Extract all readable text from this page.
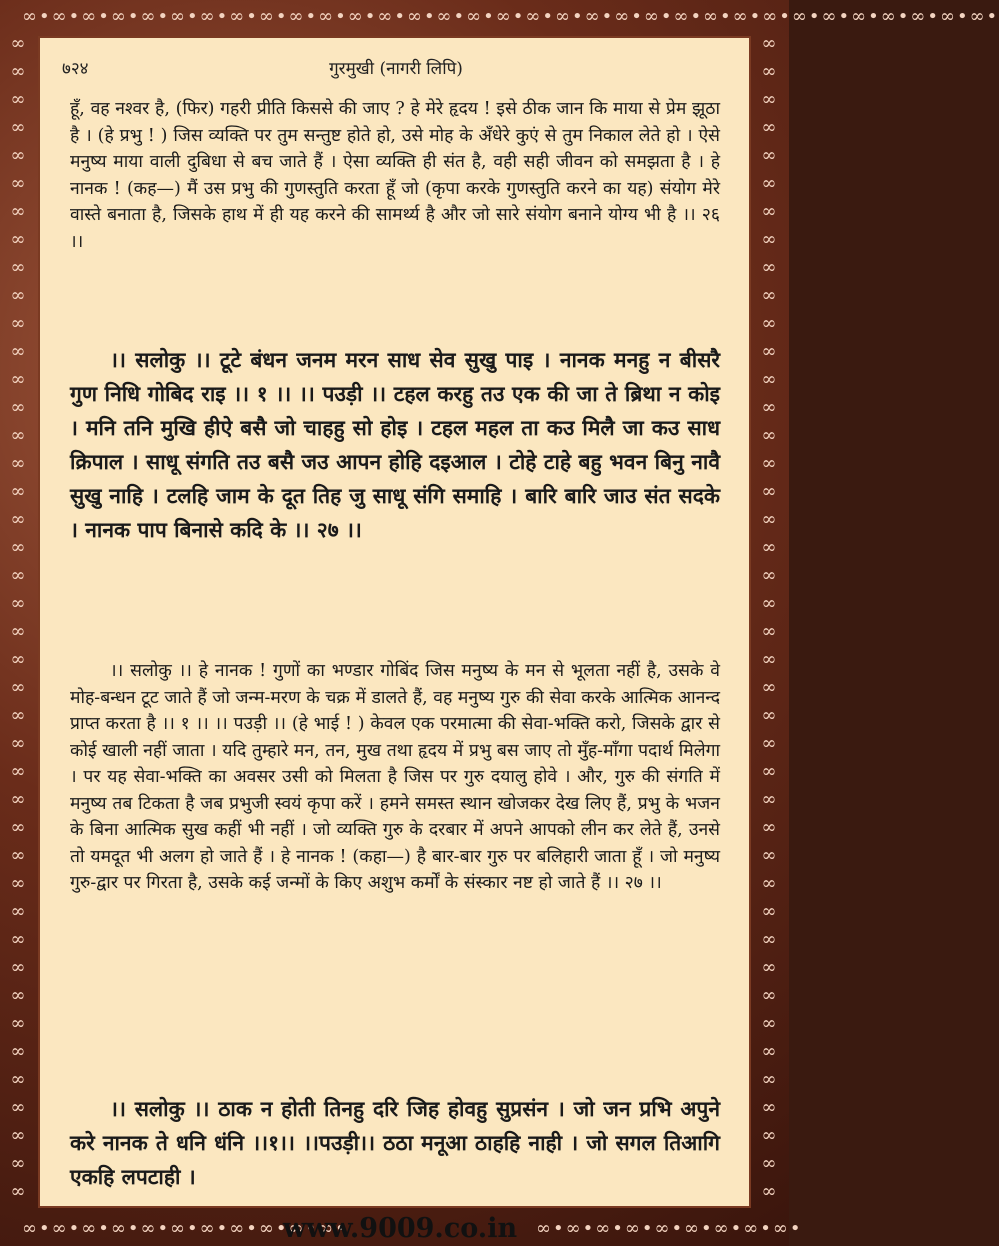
∞•∞•∞•∞•∞•∞•∞•∞•∞•∞•∞•∞•∞•∞•∞•∞•∞•∞•∞•∞•∞•∞•∞•∞•∞•∞•∞•∞•∞•∞•∞•∞•∞•
∞∞∞∞∞∞∞∞∞∞∞∞∞∞∞∞∞∞∞∞∞∞∞∞∞∞∞∞∞∞∞∞∞∞∞∞∞∞∞∞∞∞
∞∞∞∞∞∞∞∞∞∞∞∞∞∞∞∞∞∞∞∞∞∞∞∞∞∞∞∞∞∞∞∞∞∞∞∞∞∞∞∞∞∞
∞•∞•∞•∞•∞•∞•∞•∞•∞•∞•∞•	∞•∞•∞•∞•∞•∞•∞•∞•∞•
७२४	गुरमुखी (नागरी लिपि)

हूँ, वह नश्वर है, (फिर) गहरी प्रीति किससे की जाए ? हे मेरे हृदय ! इसे ठीक जान कि माया से प्रेम झूठा है । (हे प्रभु ! ) जिस व्यक्ति पर तुम सन्तुष्ट होते हो, उसे मोह के अँधेरे कुएं से तुम निकाल लेते हो । ऐसे मनुष्य माया वाली दुबिधा से बच जाते हैं । ऐसा व्यक्ति ही संत है, वही सही जीवन को समझता है । हे नानक ! (कह—) मैं उस प्रभु की गुणस्तुति करता हूँ जो (कृपा करके गुणस्तुति करने का यह) संयोग मेरे वास्ते बनाता है, जिसके हाथ में ही यह करने की सामर्थ्य है और जो सारे संयोग बनाने योग्य भी है ।। २६ ।।

।। सलोकु ।। टूटे बंधन जनम मरन साध सेव सुखु पाइ । नानक मनहु न बीसरै गुण निधि गोबिद राइ ।। १ ।। ।। पउड़ी ।। टहल करहु तउ एक की जा ते ब्रिथा न कोइ । मनि तनि मुखि हीऐ बसै जो चाहहु सो होइ । टहल महल ता कउ मिलै जा कउ साध क्रिपाल । साधू संगति तउ बसै जउ आपन होहि दइआल । टोहे टाहे बहु भवन बिनु नावै सुखु नाहि । टलहि जाम के दूत तिह जु साधू संगि समाहि । बारि बारि जाउ संत सदके । नानक पाप बिनासे कदि के ।। २७ ।।

।। सलोकु ।। हे नानक ! गुणों का भण्डार गोबिंद जिस मनुष्य के मन से भूलता नहीं है, उसके वे मोह-बन्धन टूट जाते हैं जो जन्म-मरण के चक्र में डालते हैं, वह मनुष्य गुरु की सेवा करके आत्मिक आनन्द प्राप्त करता है ।। १ ।। ।। पउड़ी ।। (हे भाई ! ) केवल एक परमात्मा की सेवा-भक्ति करो, जिसके द्वार से कोई खाली नहीं जाता । यदि तुम्हारे मन, तन, मुख तथा हृदय में प्रभु बस जाए तो मुँह-माँगा पदार्थ मिलेगा । पर यह सेवा-भक्ति का अवसर उसी को मिलता है जिस पर गुरु दयालु होवे । और, गुरु की संगति में मनुष्य तब टिकता है जब प्रभुजी स्वयं कृपा करें । हमने समस्त स्थान खोजकर देख लिए हैं, प्रभु के भजन के बिना आत्मिक सुख कहीं भी नहीं । जो व्यक्ति गुरु के दरबार में अपने आपको लीन कर लेते हैं, उनसे तो यमदूत भी अलग हो जाते हैं । हे नानक ! (कहा—) है बार-बार गुरु पर बलिहारी जाता हूँ । जो मनुष्य गुरु-द्वार पर गिरता है, उसके कई जन्मों के किए अशुभ कर्मों के संस्कार नष्ट हो जाते हैं ।। २७ ।।

।। सलोकु ।। ठाक न होती तिनहु दरि जिह होवहु सुप्रसंन । जो जन प्रभि अपुने करे नानक ते धनि धंनि ।।१।। ।।पउड़ी।। ठठा मनूआ ठाहहि नाही । जो सगल तिआगि एकहि लपटाही ।

www.9009.co.in
